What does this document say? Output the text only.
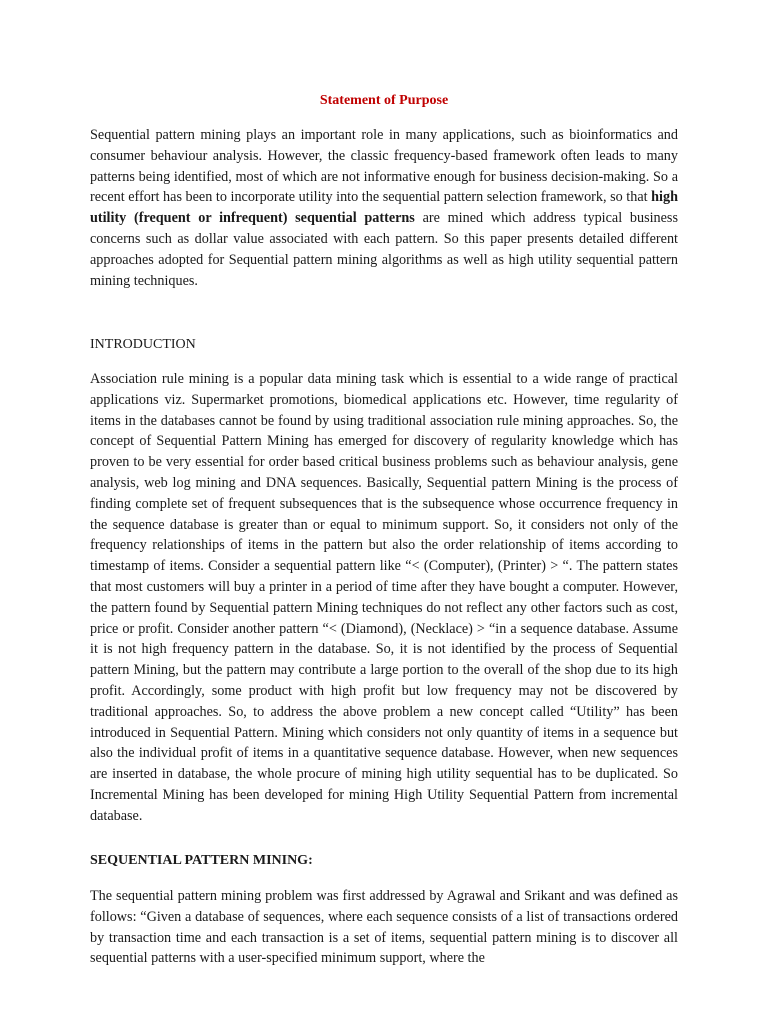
Statement of Purpose

Sequential pattern mining plays an important role in many applications, such as bioinformatics and consumer behaviour analysis. However, the classic frequency-based framework often leads to many patterns being identified, most of which are not informative enough for business decision-making. So a recent effort has been to incorporate utility into the sequential pattern selection framework, so that high utility (frequent or infrequent) sequential patterns are mined which address typical business concerns such as dollar value associated with each pattern. So this paper presents detailed different approaches adopted for Sequential pattern mining algorithms as well as high utility sequential pattern mining techniques.

INTRODUCTION

Association rule mining is a popular data mining task which is essential to a wide range of practical applications viz. Supermarket promotions, biomedical applications etc. However, time regularity of items in the databases cannot be found by using traditional association rule mining approaches. So, the concept of Sequential Pattern Mining has emerged for discovery of regularity knowledge which has proven to be very essential for order based critical business problems such as behaviour analysis, gene analysis, web log mining and DNA sequences. Basically, Sequential pattern Mining is the process of finding complete set of frequent subsequences that is the subsequence whose occurrence frequency in the sequence database is greater than or equal to minimum support. So, it considers not only of the frequency relationships of items in the pattern but also the order relationship of items according to timestamp of items. Consider a sequential pattern like “< (Computer), (Printer) > “. The pattern states that most customers will buy a printer in a period of time after they have bought a computer. However, the pattern found by Sequential pattern Mining techniques do not reflect any other factors such as cost, price or profit. Consider another pattern “< (Diamond), (Necklace) > “in a sequence database. Assume it is not high frequency pattern in the database. So, it is not identified by the process of Sequential pattern Mining, but the pattern may contribute a large portion to the overall of the shop due to its high profit. Accordingly, some product with high profit but low frequency may not be discovered by traditional approaches. So, to address the above problem a new concept called “Utility” has been introduced in Sequential Pattern. Mining which considers not only quantity of items in a sequence but also the individual profit of items in a quantitative sequence database. However, when new sequences are inserted in database, the whole procure of mining high utility sequential has to be duplicated. So Incremental Mining has been developed for mining High Utility Sequential Pattern from incremental database.

SEQUENTIAL PATTERN MINING:

The sequential pattern mining problem was first addressed by Agrawal and Srikant and was defined as follows: “Given a database of sequences, where each sequence consists of a list of transactions ordered by transaction time and each transaction is a set of items, sequential pattern mining is to discover all sequential patterns with a user-specified minimum support, where the
